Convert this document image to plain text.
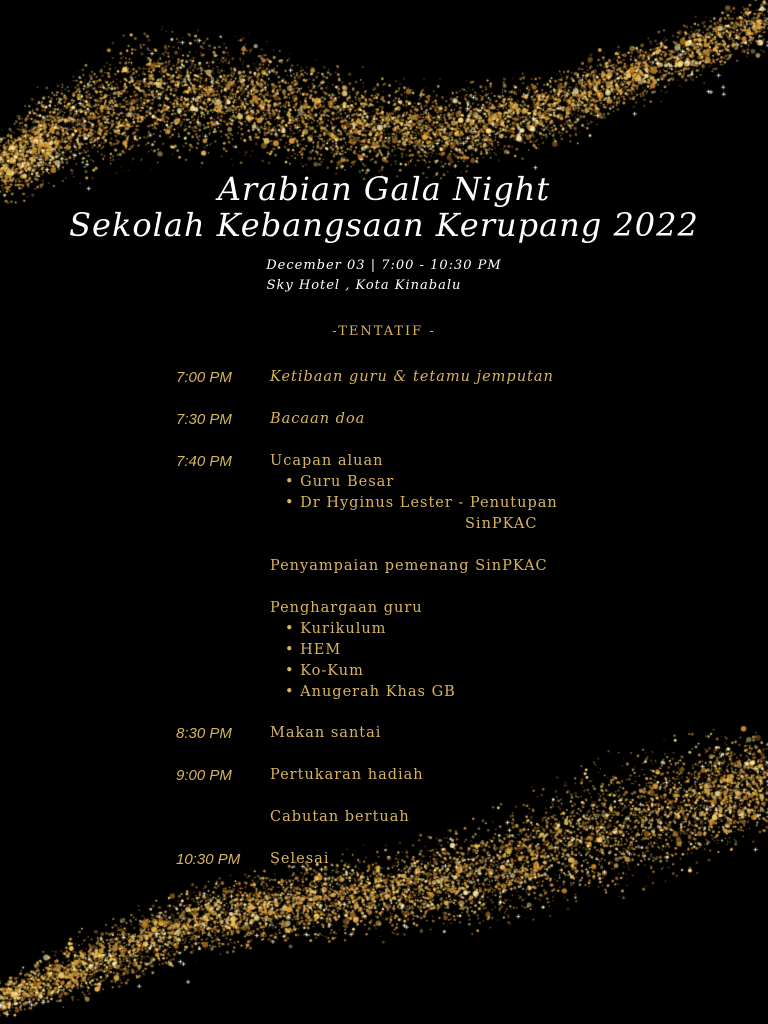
Arabian Gala Night
Sekolah Kebangsaan Kerupang 2022
December 03 | 7:00 - 10:30 PM
Sky Hotel , Kota Kinabalu
-TENTATIF -
7:00 PM	Ketibaan guru & tetamu jemputan
7:30 PM	Bacaan doa
7:40 PM	Ucapan aluan
• Guru Besar
• Dr Hyginus Lester - Penutupan
SinPKAC
Penyampaian pemenang SinPKAC
Penghargaan guru
• Kurikulum
• HEM
• Ko-Kum
• Anugerah Khas GB
8:30 PM	Makan santai
9:00 PM	Pertukaran hadiah
Cabutan bertuah
10:30 PM Selesai
